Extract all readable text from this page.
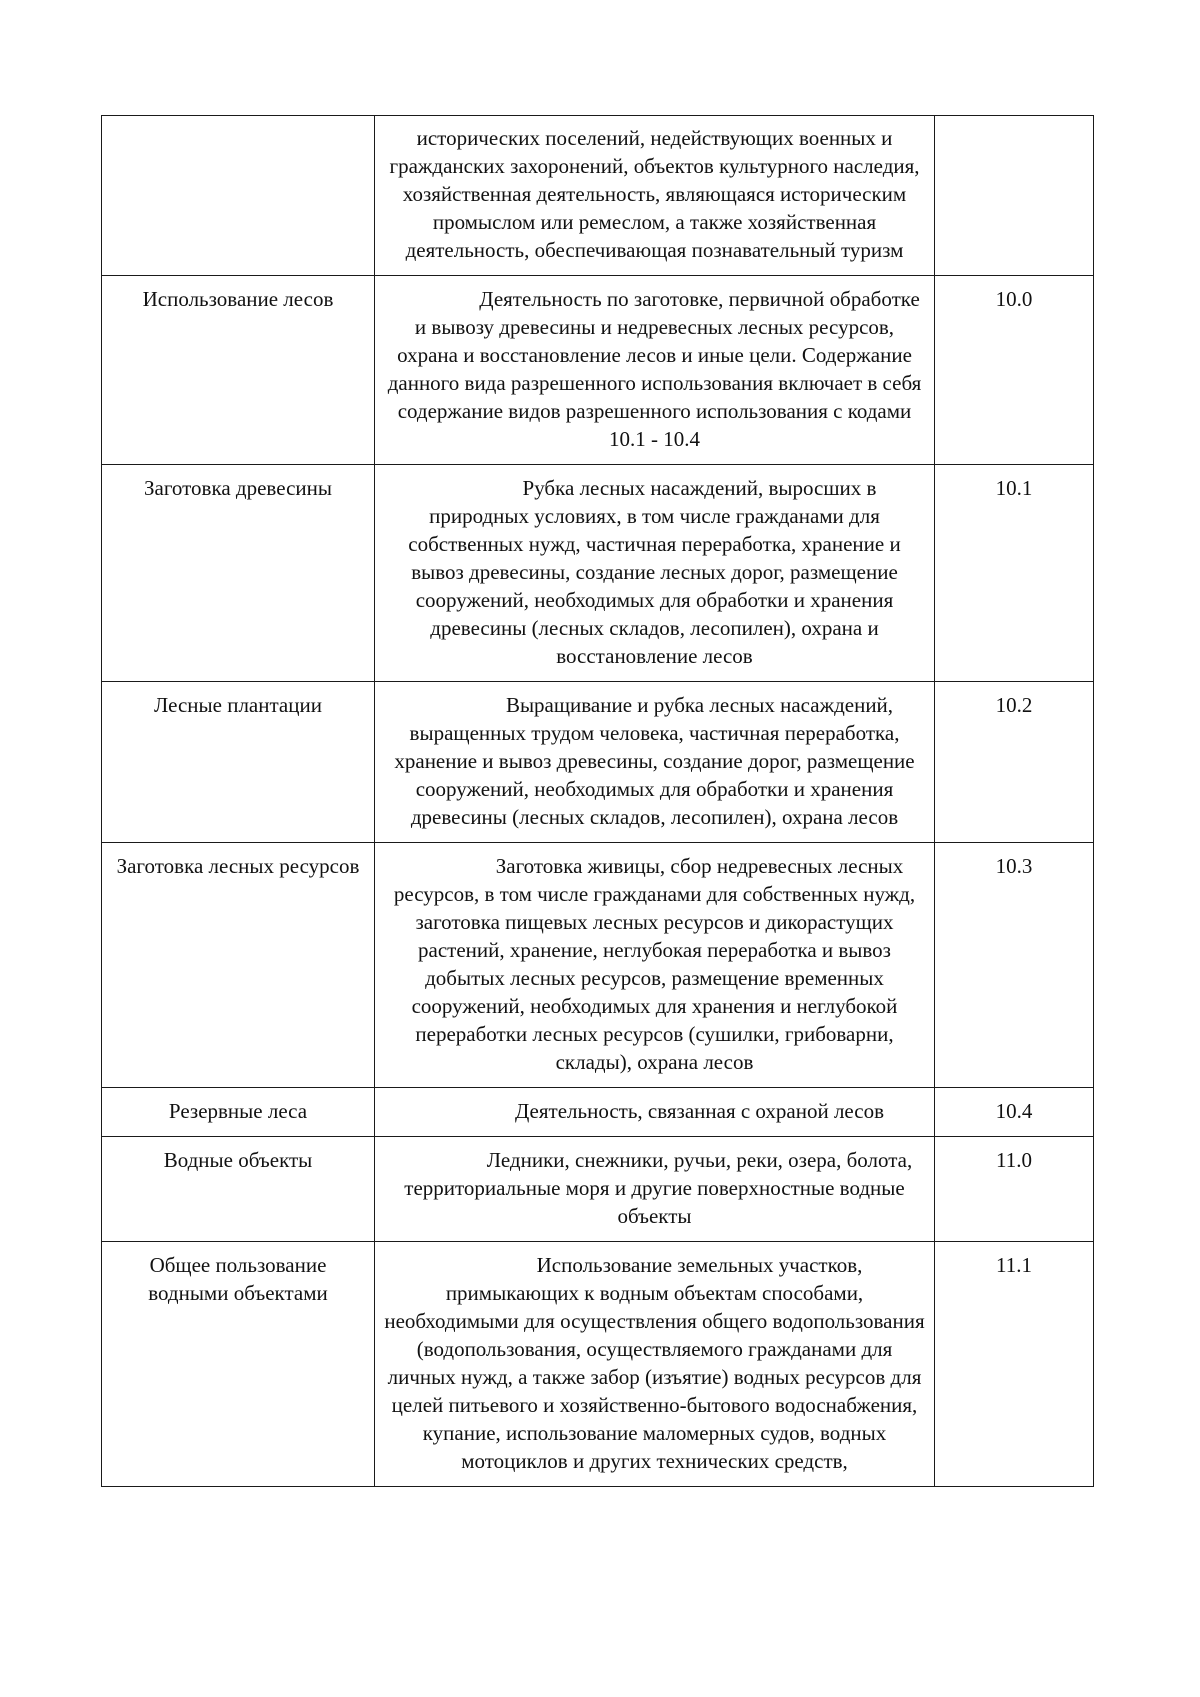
	исторических поселений, недействующих военных и гражданских захоронений, объектов культурного наследия, хозяйственная деятельность, являющаяся историческим промыслом или ремеслом, а также хозяйственная деятельность, обеспечивающая познавательный туризм	
Использование лесов	Деятельность по заготовке, первичной обработке и вывозу древесины и недревесных лесных ресурсов, охрана и восстановление лесов и иные цели. Содержание данного вида разрешенного использования включает в себя содержание видов разрешенного использования с кодами 10.1 - 10.4	10.0
Заготовка древесины	Рубка лесных насаждений, выросших в природных условиях, в том числе гражданами для собственных нужд, частичная переработка, хранение и вывоз древесины, создание лесных дорог, размещение сооружений, необходимых для обработки и хранения древесины (лесных складов, лесопилен), охрана и восстановление лесов	10.1
Лесные плантации	Выращивание и рубка лесных насаждений, выращенных трудом человека, частичная переработка, хранение и вывоз древесины, создание дорог, размещение сооружений, необходимых для обработки и хранения древесины (лесных складов, лесопилен), охрана лесов	10.2
Заготовка лесных ресурсов	Заготовка живицы, сбор недревесных лесных ресурсов, в том числе гражданами для собственных нужд, заготовка пищевых лесных ресурсов и дикорастущих растений, хранение, неглубокая переработка и вывоз добытых лесных ресурсов, размещение временных сооружений, необходимых для хранения и неглубокой переработки лесных ресурсов (сушилки, грибоварни, склады), охрана лесов	10.3
Резервные леса	Деятельность, связанная с охраной лесов	10.4
Водные объекты	Ледники, снежники, ручьи, реки, озера, болота, территориальные моря и другие поверхностные водные объекты	11.0
Общее пользование водными объектами	Использование земельных участков, примыкающих к водным объектам способами, необходимыми для осуществления общего водопользования (водопользования, осуществляемого гражданами для личных нужд, а также забор (изъятие) водных ресурсов для целей питьевого и хозяйственно-бытового водоснабжения, купание, использование маломерных судов, водных мотоциклов и других технических средств,	11.1
